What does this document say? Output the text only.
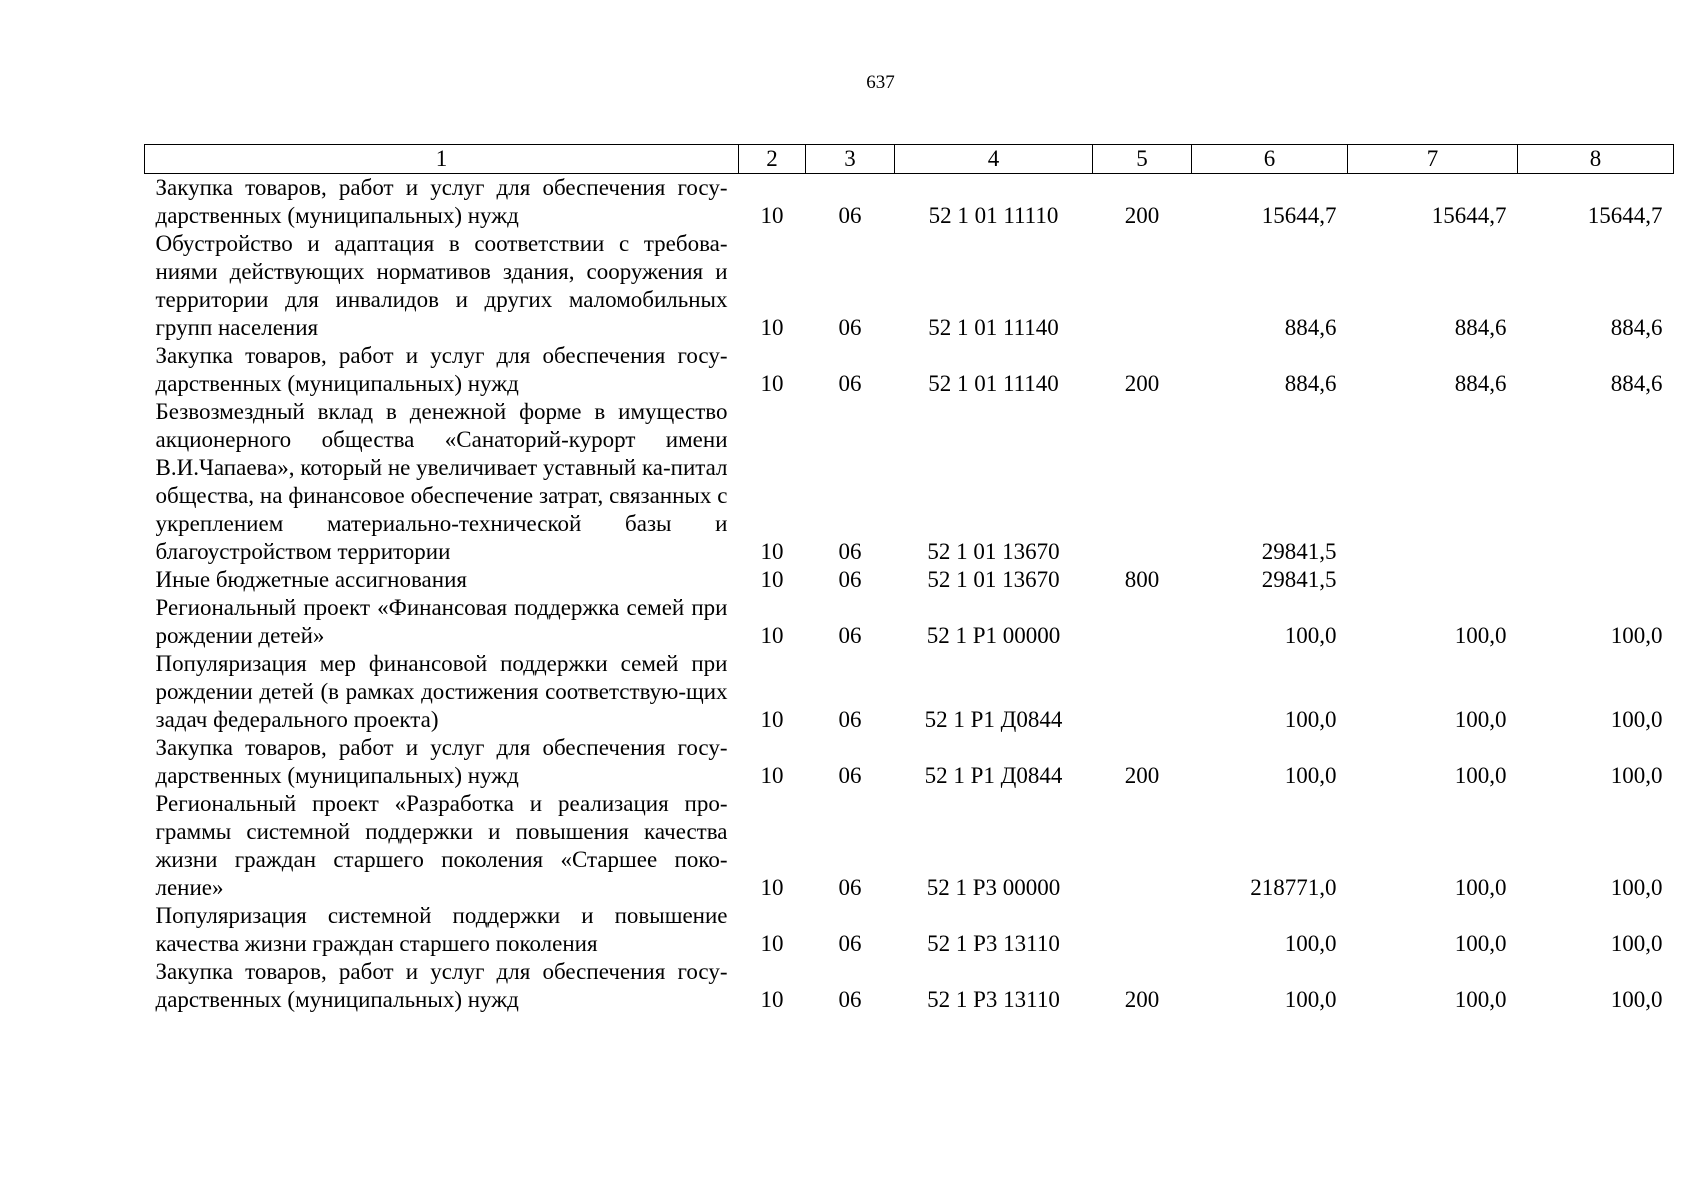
637
1	2	3	4	5	6	7	8
Закупка товаров, работ и услуг для обеспечения госу-дарственных (муниципальных) нужд	10	06	52 1 01 11110	200	15644,7	15644,7	15644,7
Обустройство и адаптация в соответствии с требова-ниями действующих нормативов здания, сооружения и территории для инвалидов и других маломобильных групп населения	10	06	52 1 01 11140		884,6	884,6	884,6
Закупка товаров, работ и услуг для обеспечения госу-дарственных (муниципальных) нужд	10	06	52 1 01 11140	200	884,6	884,6	884,6
Безвозмездный вклад в денежной форме в имущество акционерного общества «Санаторий-курорт имени В.И.Чапаева», который не увеличивает уставный ка-питал общества, на финансовое обеспечение затрат, связанных с укреплением материально-технической базы и благоустройством территории	10	06	52 1 01 13670		29841,5		
Иные бюджетные ассигнования	10	06	52 1 01 13670	800	29841,5		
Региональный проект «Финансовая поддержка семей при рождении детей»	10	06	52 1 P1 00000		100,0	100,0	100,0
Популяризация мер финансовой поддержки семей при рождении детей (в рамках достижения соответствую-щих задач федерального проекта)	10	06	52 1 P1 Д0844		100,0	100,0	100,0
Закупка товаров, работ и услуг для обеспечения госу-дарственных (муниципальных) нужд	10	06	52 1 P1 Д0844	200	100,0	100,0	100,0
Региональный проект «Разработка и реализация про-граммы системной поддержки и повышения качества жизни граждан старшего поколения «Старшее поко-ление»	10	06	52 1 P3 00000		218771,0	100,0	100,0
Популяризация системной поддержки и повышение качества жизни граждан старшего поколения	10	06	52 1 P3 13110		100,0	100,0	100,0
Закупка товаров, работ и услуг для обеспечения госу-дарственных (муниципальных) нужд	10	06	52 1 P3 13110	200	100,0	100,0	100,0
